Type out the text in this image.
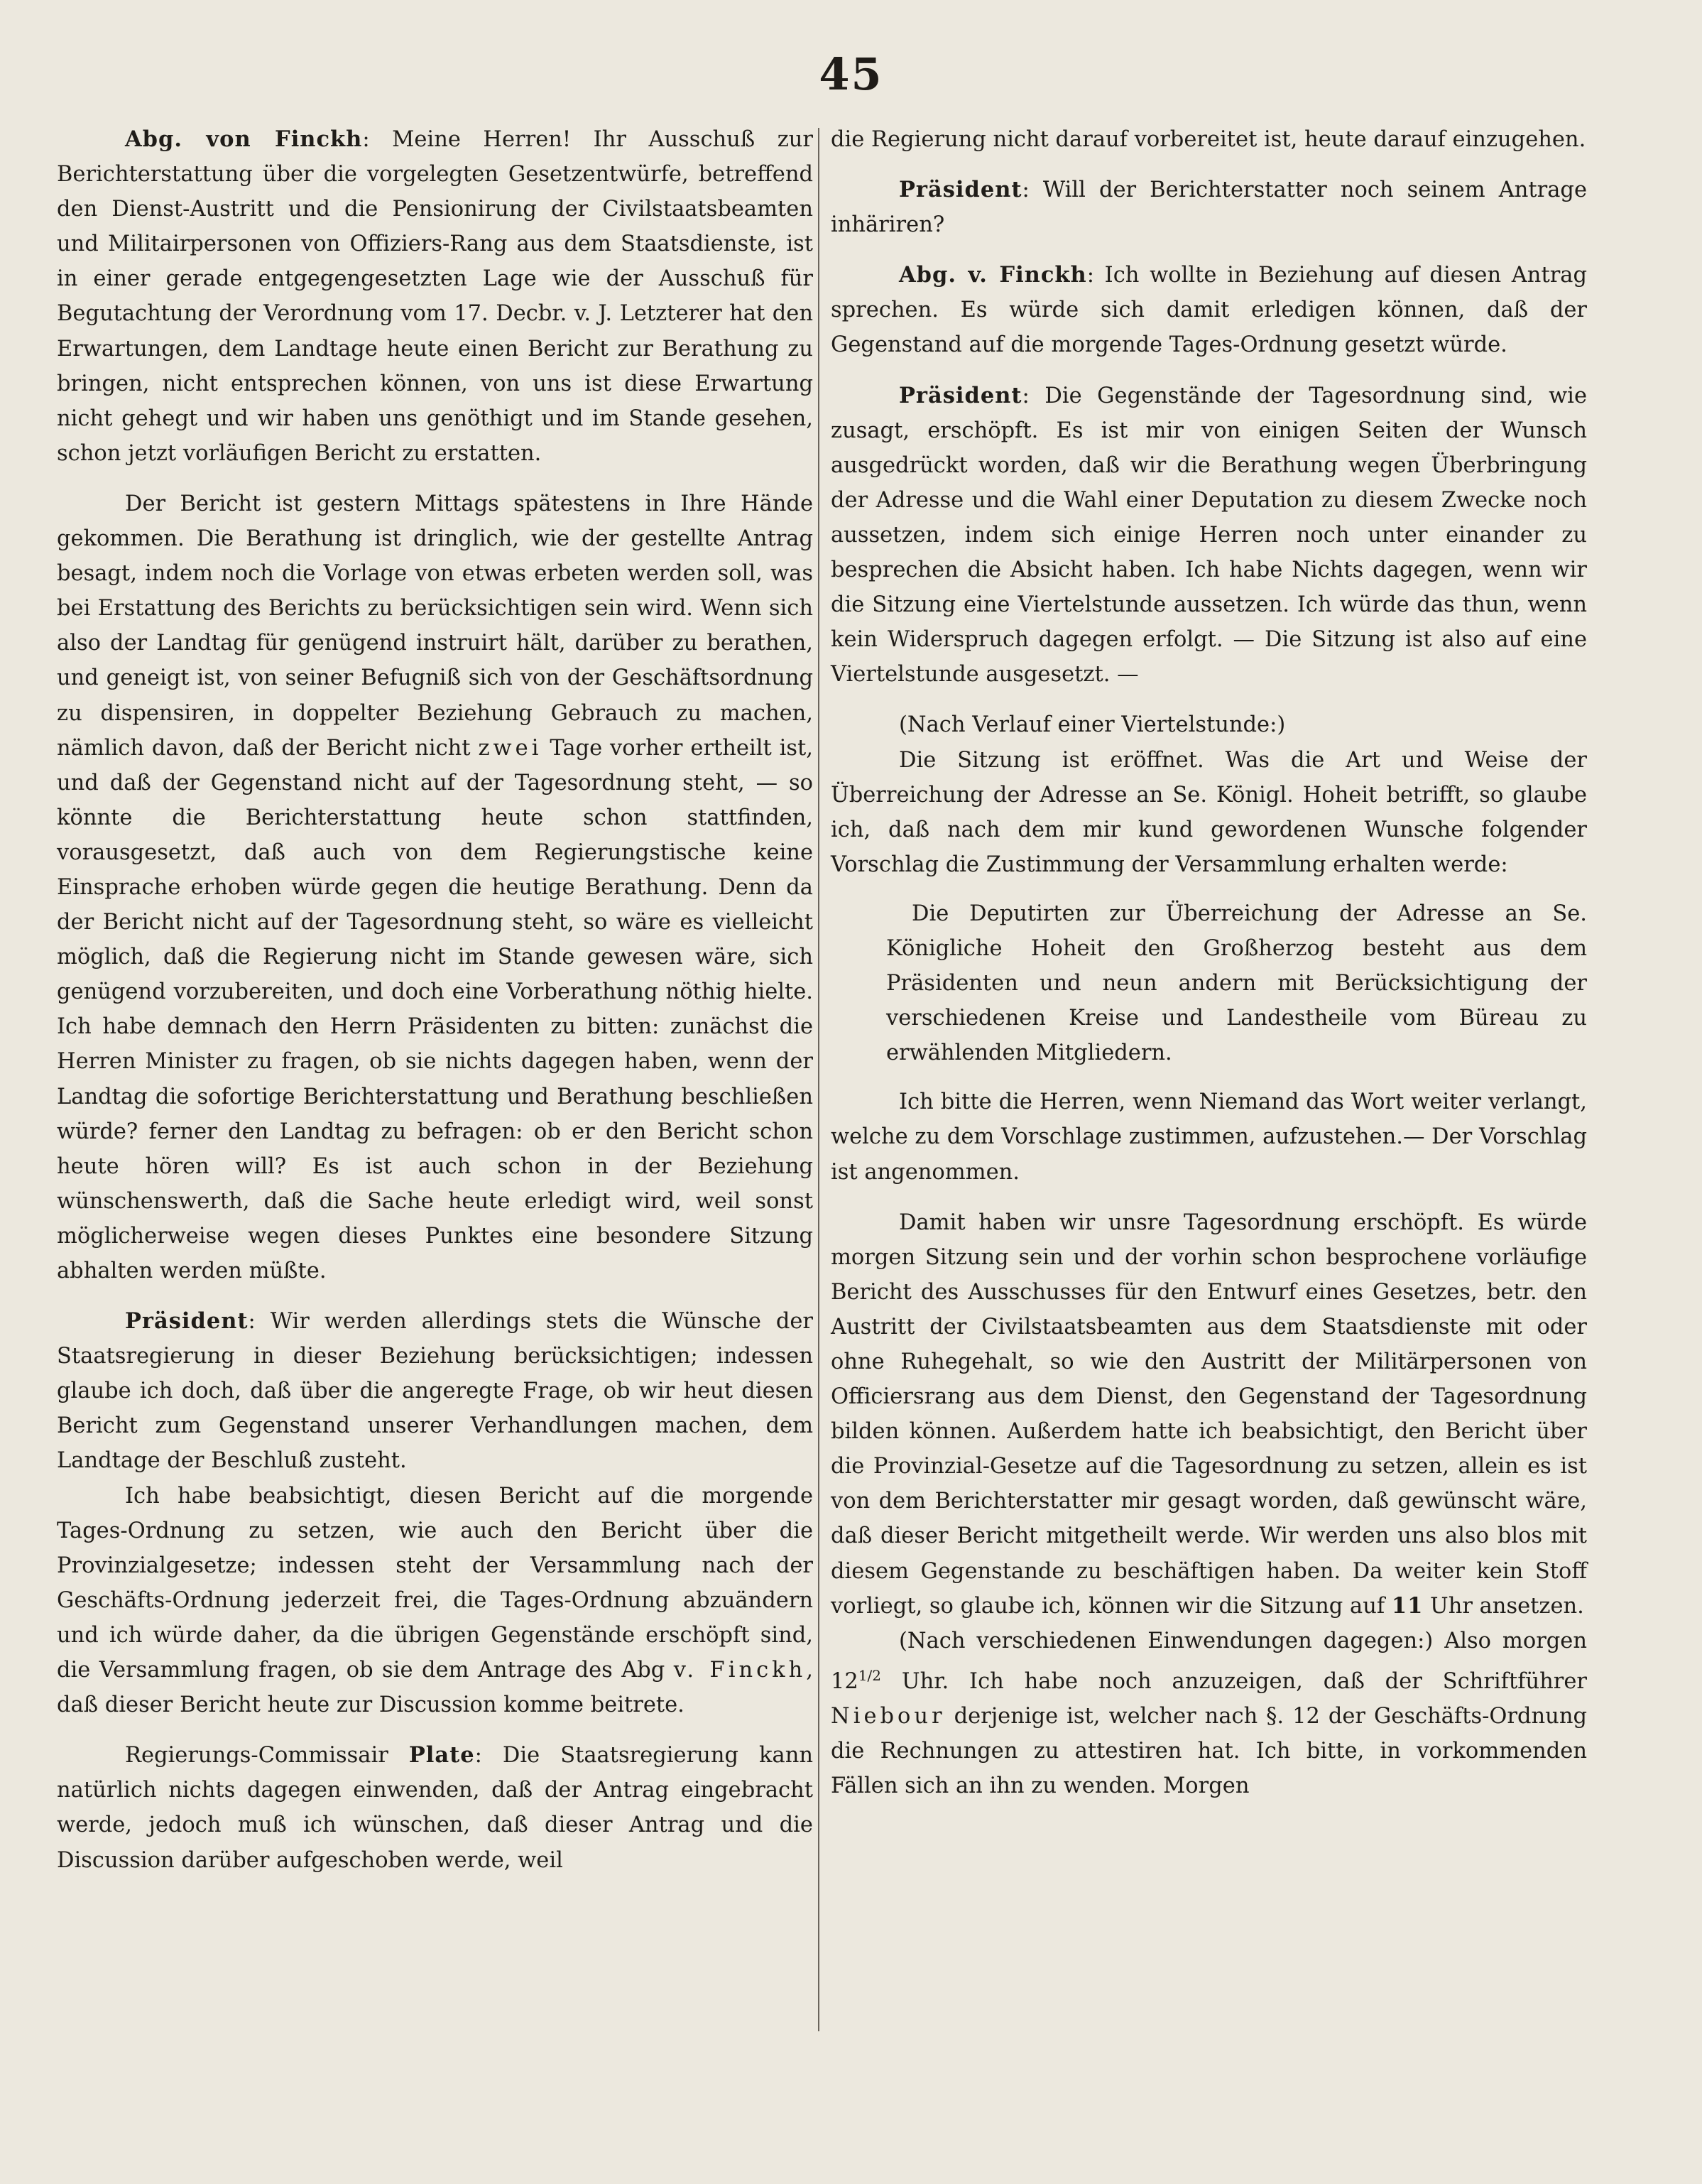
45

Abg. von Finckh: Meine Herren! Ihr Ausschuß zur Berichterstattung über die vorgelegten Gesetzentwürfe, betreffend den Dienst-Austritt und die Pensionirung der Civilstaatsbeamten und Militairpersonen von Offiziers-Rang aus dem Staatsdienste, ist in einer gerade entgegengesetzten Lage wie der Ausschuß für Begutachtung der Verordnung vom 17. Decbr. v. J. Letzterer hat den Erwartungen, dem Landtage heute einen Bericht zur Berathung zu bringen, nicht entsprechen können, von uns ist diese Erwartung nicht gehegt und wir haben uns genöthigt und im Stande gesehen, schon jetzt vorläufigen Bericht zu erstatten.

Der Bericht ist gestern Mittags spätestens in Ihre Hände gekommen. Die Berathung ist dringlich, wie der gestellte Antrag besagt, indem noch die Vorlage von etwas erbeten werden soll, was bei Erstattung des Berichts zu berücksichtigen sein wird. Wenn sich also der Landtag für genügend instruirt hält, darüber zu berathen, und geneigt ist, von seiner Befugniß sich von der Geschäftsordnung zu dispensiren, in doppelter Beziehung Gebrauch zu machen, nämlich davon, daß der Bericht nicht zwei Tage vorher ertheilt ist, und daß der Gegenstand nicht auf der Tagesordnung steht, — so könnte die Berichterstattung heute schon stattfinden, vorausgesetzt, daß auch von dem Regierungstische keine Einsprache erhoben würde gegen die heutige Berathung. Denn da der Bericht nicht auf der Tagesordnung steht, so wäre es vielleicht möglich, daß die Regierung nicht im Stande gewesen wäre, sich genügend vorzubereiten, und doch eine Vorberathung nöthig hielte. Ich habe demnach den Herrn Präsidenten zu bitten: zunächst die Herren Minister zu fragen, ob sie nichts dagegen haben, wenn der Landtag die sofortige Berichterstattung und Berathung beschließen würde? ferner den Landtag zu befragen: ob er den Bericht schon heute hören will? Es ist auch schon in der Beziehung wünschenswerth, daß die Sache heute erledigt wird, weil sonst möglicherweise wegen dieses Punktes eine besondere Sitzung abhalten werden müßte.

Präsident: Wir werden allerdings stets die Wünsche der Staatsregierung in dieser Beziehung berücksichtigen; indessen glaube ich doch, daß über die angeregte Frage, ob wir heut diesen Bericht zum Gegenstand unserer Verhandlungen machen, dem Landtage der Beschluß zusteht.

Ich habe beabsichtigt, diesen Bericht auf die morgende Tages-Ordnung zu setzen, wie auch den Bericht über die Provinzialgesetze; indessen steht der Versammlung nach der Geschäfts-Ordnung jederzeit frei, die Tages-Ordnung abzuändern und ich würde daher, da die übrigen Gegenstände erschöpft sind, die Versammlung fragen, ob sie dem Antrage des Abg v. Finckh, daß dieser Bericht heute zur Discussion komme beitrete.

Regierungs-Commissair Plate: Die Staatsregierung kann natürlich nichts dagegen einwenden, daß der Antrag eingebracht werde, jedoch muß ich wünschen, daß dieser Antrag und die Discussion darüber aufgeschoben werde, weil

die Regierung nicht darauf vorbereitet ist, heute darauf einzugehen.

Präsident: Will der Berichterstatter noch seinem Antrage inhäriren?

Abg. v. Finckh: Ich wollte in Beziehung auf diesen Antrag sprechen. Es würde sich damit erledigen können, daß der Gegenstand auf die morgende Tages-Ordnung gesetzt würde.

Präsident: Die Gegenstände der Tagesordnung sind, wie zusagt, erschöpft. Es ist mir von einigen Seiten der Wunsch ausgedrückt worden, daß wir die Berathung wegen Überbringung der Adresse und die Wahl einer Deputation zu diesem Zwecke noch aussetzen, indem sich einige Herren noch unter einander zu besprechen die Absicht haben. Ich habe Nichts dagegen, wenn wir die Sitzung eine Viertelstunde aussetzen. Ich würde das thun, wenn kein Widerspruch dagegen erfolgt. — Die Sitzung ist also auf eine Viertelstunde ausgesetzt. —

(Nach Verlauf einer Viertelstunde:)

Die Sitzung ist eröffnet. Was die Art und Weise der Überreichung der Adresse an Se. Königl. Hoheit betrifft, so glaube ich, daß nach dem mir kund gewordenen Wunsche folgender Vorschlag die Zustimmung der Versammlung erhalten werde:

Die Deputirten zur Überreichung der Adresse an Se. Königliche Hoheit den Großherzog besteht aus dem Präsidenten und neun andern mit Berücksichtigung der verschiedenen Kreise und Landestheile vom Büreau zu erwählenden Mitgliedern.

Ich bitte die Herren, wenn Niemand das Wort weiter verlangt, welche zu dem Vorschlage zustimmen, aufzustehen.— Der Vorschlag ist angenommen.

Damit haben wir unsre Tagesordnung erschöpft. Es würde morgen Sitzung sein und der vorhin schon besprochene vorläufige Bericht des Ausschusses für den Entwurf eines Gesetzes, betr. den Austritt der Civilstaatsbeamten aus dem Staatsdienste mit oder ohne Ruhegehalt, so wie den Austritt der Militärpersonen von Officiersrang aus dem Dienst, den Gegenstand der Tagesordnung bilden können. Außerdem hatte ich beabsichtigt, den Bericht über die Provinzial-Gesetze auf die Tagesordnung zu setzen, allein es ist von dem Berichterstatter mir gesagt worden, daß gewünscht wäre, daß dieser Bericht mitgetheilt werde. Wir werden uns also blos mit diesem Gegenstande zu beschäftigen haben. Da weiter kein Stoff vorliegt, so glaube ich, können wir die Sitzung auf 11 Uhr ansetzen.

(Nach verschiedenen Einwendungen dagegen:) Also morgen $12^{1/2}$ Uhr. Ich habe noch anzuzeigen, daß der Schriftführer Niebour derjenige ist, welcher nach §. 12 der Geschäfts-Ordnung die Rechnungen zu attestiren hat. Ich bitte, in vorkommenden Fällen sich an ihn zu wenden. Morgen
